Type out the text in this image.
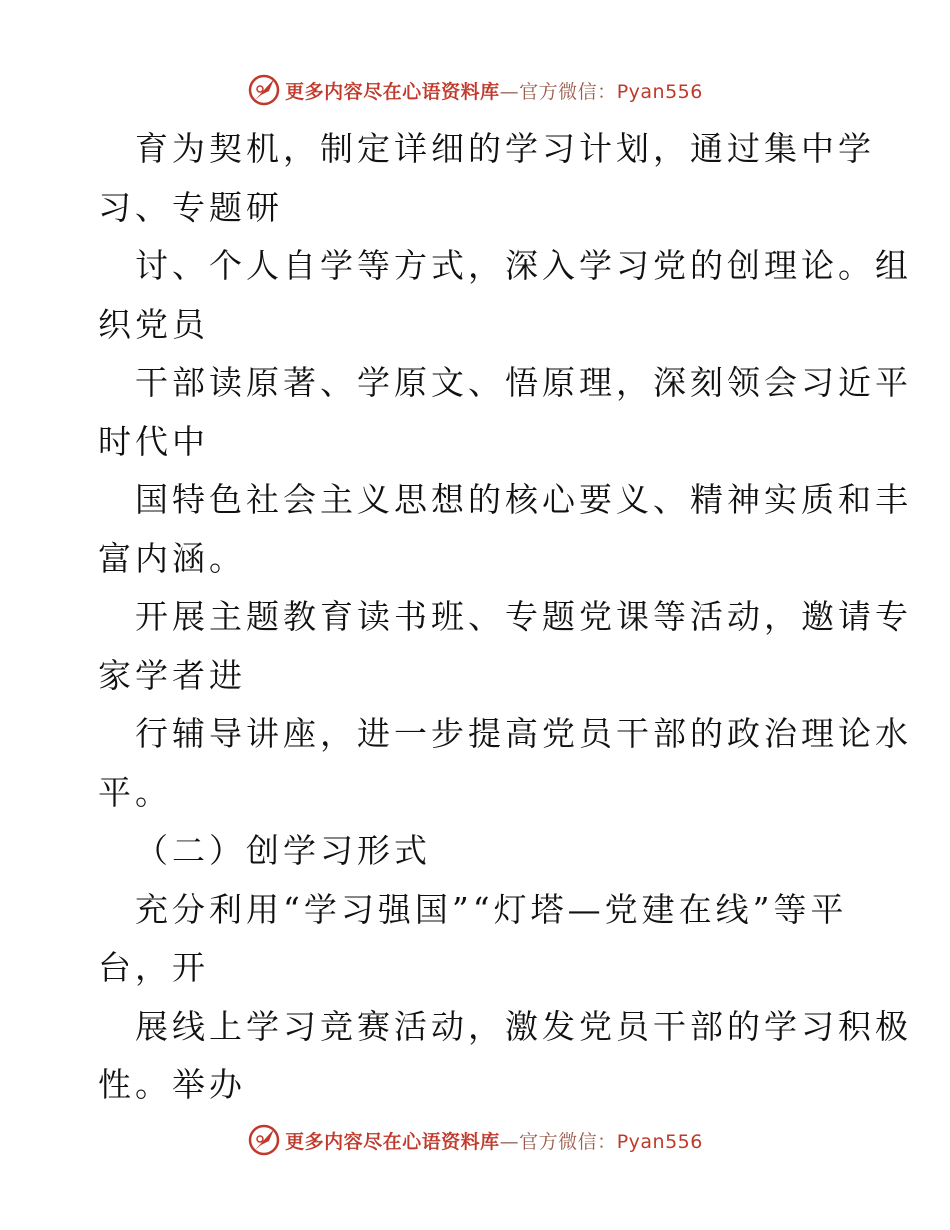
更多内容尽在心语资料库—官方微信：Pyan556
育为契机，制定详细的学习计划，通过集中学
习、专题研
讨、个人自学等方式，深入学习党的创理论。组
织党员
干部读原著、学原文、悟原理，深刻领会习近平
时代中
国特色社会主义思想的核心要义、精神实质和丰
富内涵。
开展主题教育读书班、专题党课等活动，邀请专
家学者进
行辅导讲座，进一步提高党员干部的政治理论水
平。
（二）创学习形式
充分利用“学习强国”“灯塔—党建在线”等平
台，开
展线上学习竞赛活动，激发党员干部的学习积极
性。举办
更多内容尽在心语资料库—官方微信：Pyan556
